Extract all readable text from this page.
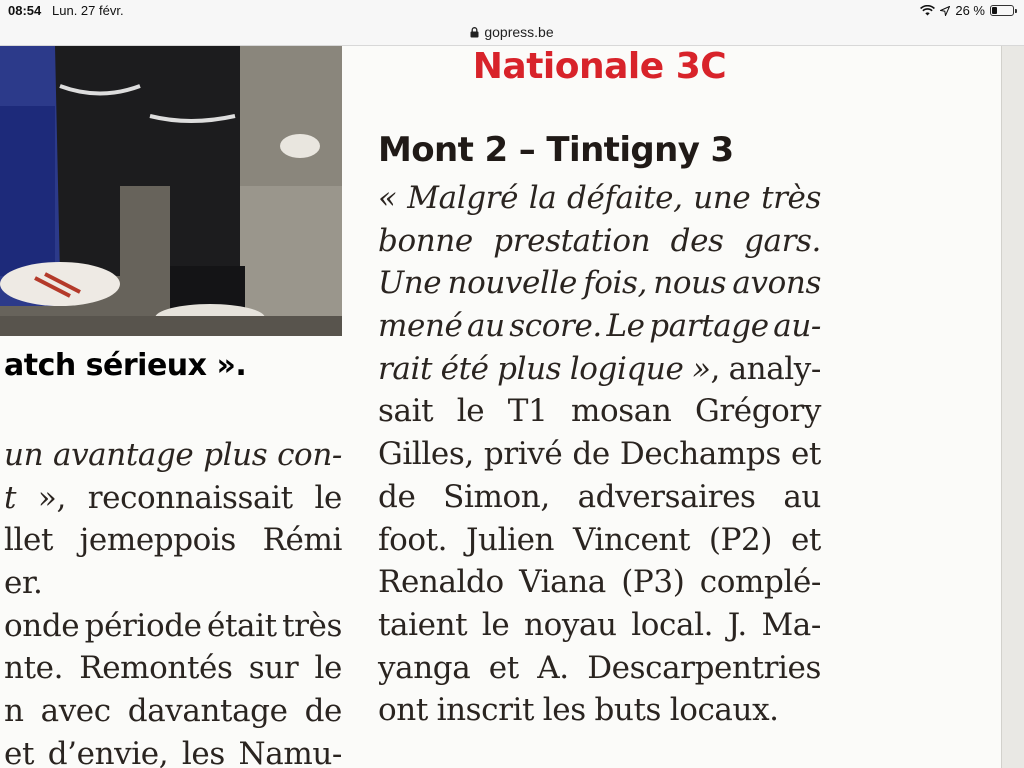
08:54 Lun. 27 févr.	26 %
gopress.be
atch sérieux ».
un avantage plus con-
t », reconnaissait le
llet jemeppois Rémi
er.
onde période était très
nte. Remontés sur le
n avec davantage de
et d’envie, les Namu-
Nationale 3C
Mont 2 – Tintigny 3
« Malgré la défaite, une très
bonne prestation des gars.
Une nouvelle fois, nous avons
mené au score. Le partage au-
rait été plus logique », analy-
sait le T1 mosan Grégory
Gilles, privé de Dechamps et
de Simon, adversaires au
foot. Julien Vincent (P2) et
Renaldo Viana (P3) complé-
taient le noyau local. J. Ma-
yanga et A. Descarpentries
ont inscrit les buts locaux.
